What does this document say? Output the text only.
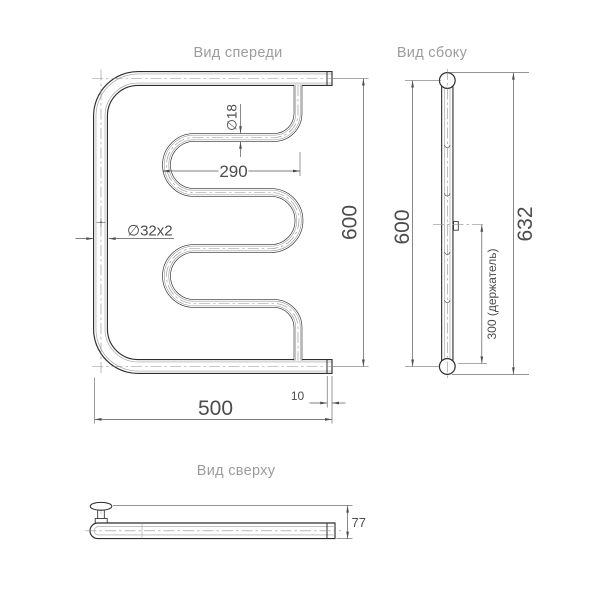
290
∅18
∅32x2	600
500
10
Вид спереди
600	632
300 (держатель)
Вид сбоку
77
Вид сверху
